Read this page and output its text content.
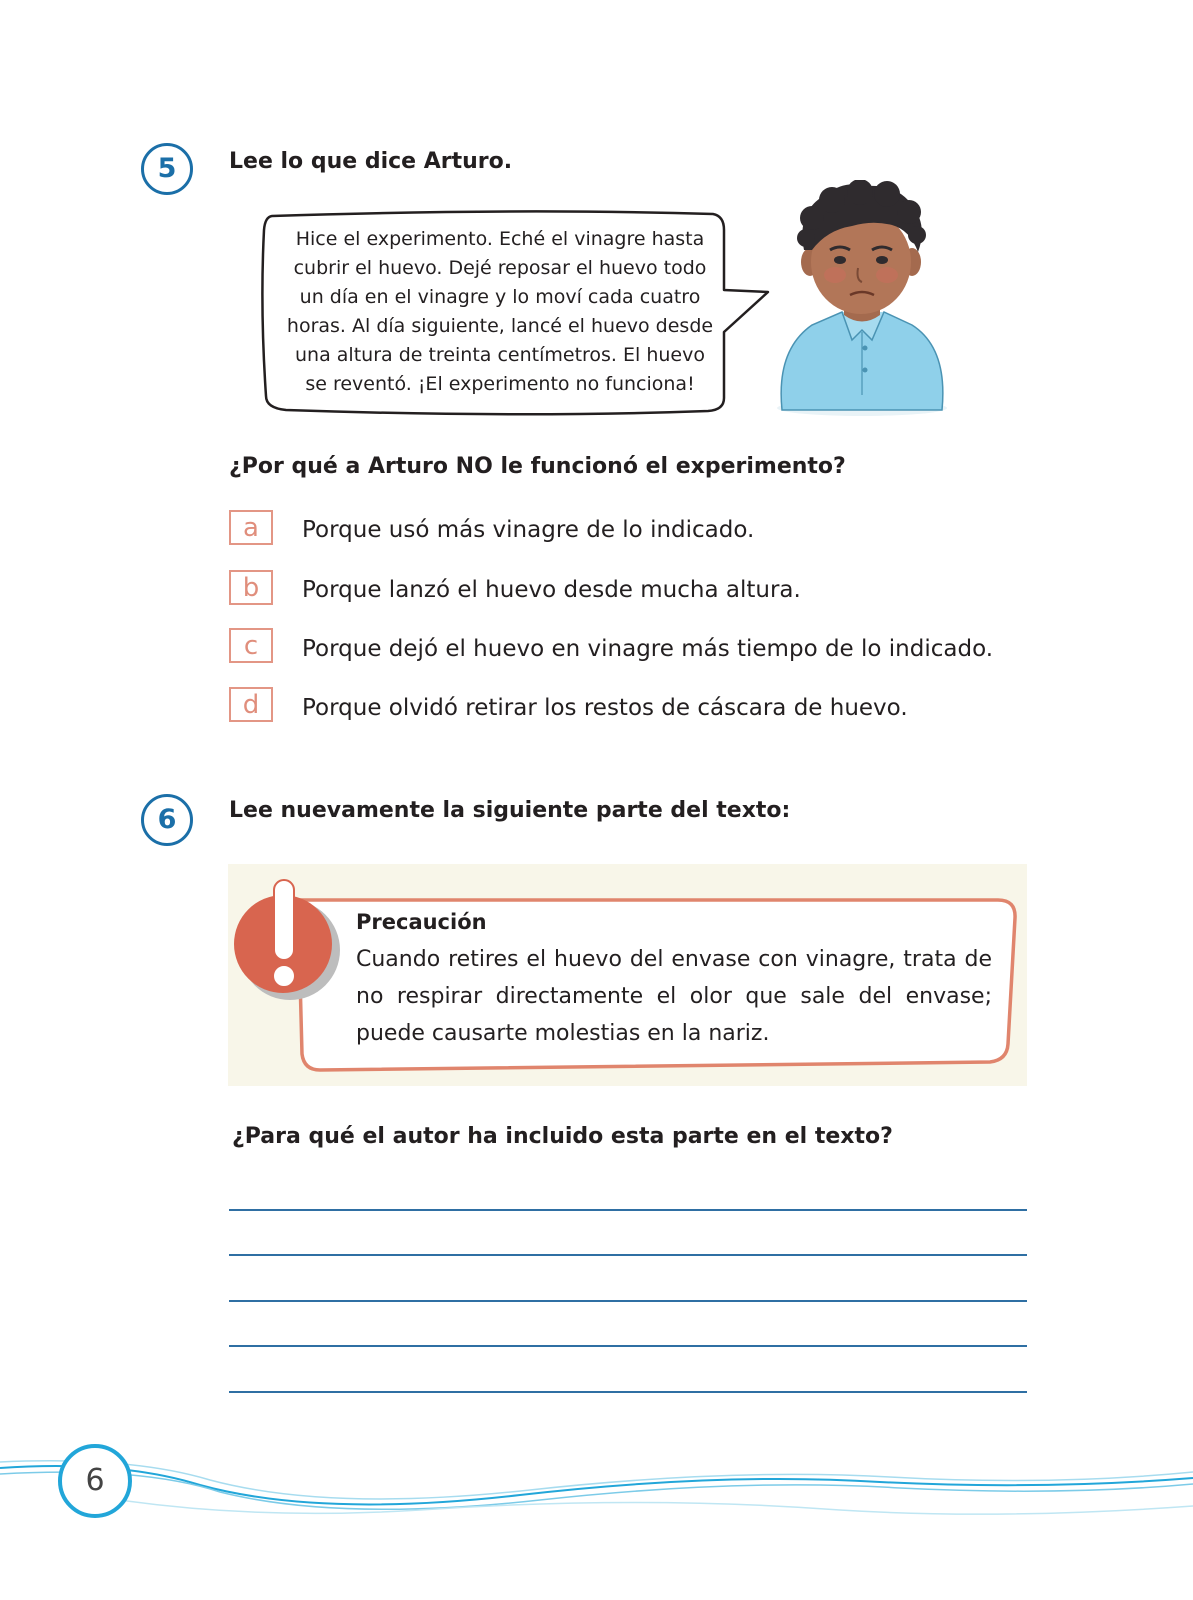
5	Lee lo que dice Arturo.
Hice el experimento. Eché el vinagre hasta
cubrir el huevo. Dejé reposar el huevo todo
un día en el vinagre y lo moví cada cuatro
horas. Al día siguiente, lancé el huevo desde
una altura de treinta centímetros. El huevo
se reventó. ¡El experimento no funciona!
¿Por qué a Arturo NO le funcionó el experimento?
a	Porque usó más vinagre de lo indicado.
b	Porque lanzó el huevo desde mucha altura.
c	Porque dejó el huevo en vinagre más tiempo de lo indicado.
d	Porque olvidó retirar los restos de cáscara de huevo.
6	Lee nuevamente la siguiente parte del texto:
Precaución
Cuando retires el huevo del envase con vinagre, trata de no respirar directamente el olor que sale del envase; puede causarte molestias en la nariz.
¿Para qué el autor ha incluido esta parte en el texto?
6
